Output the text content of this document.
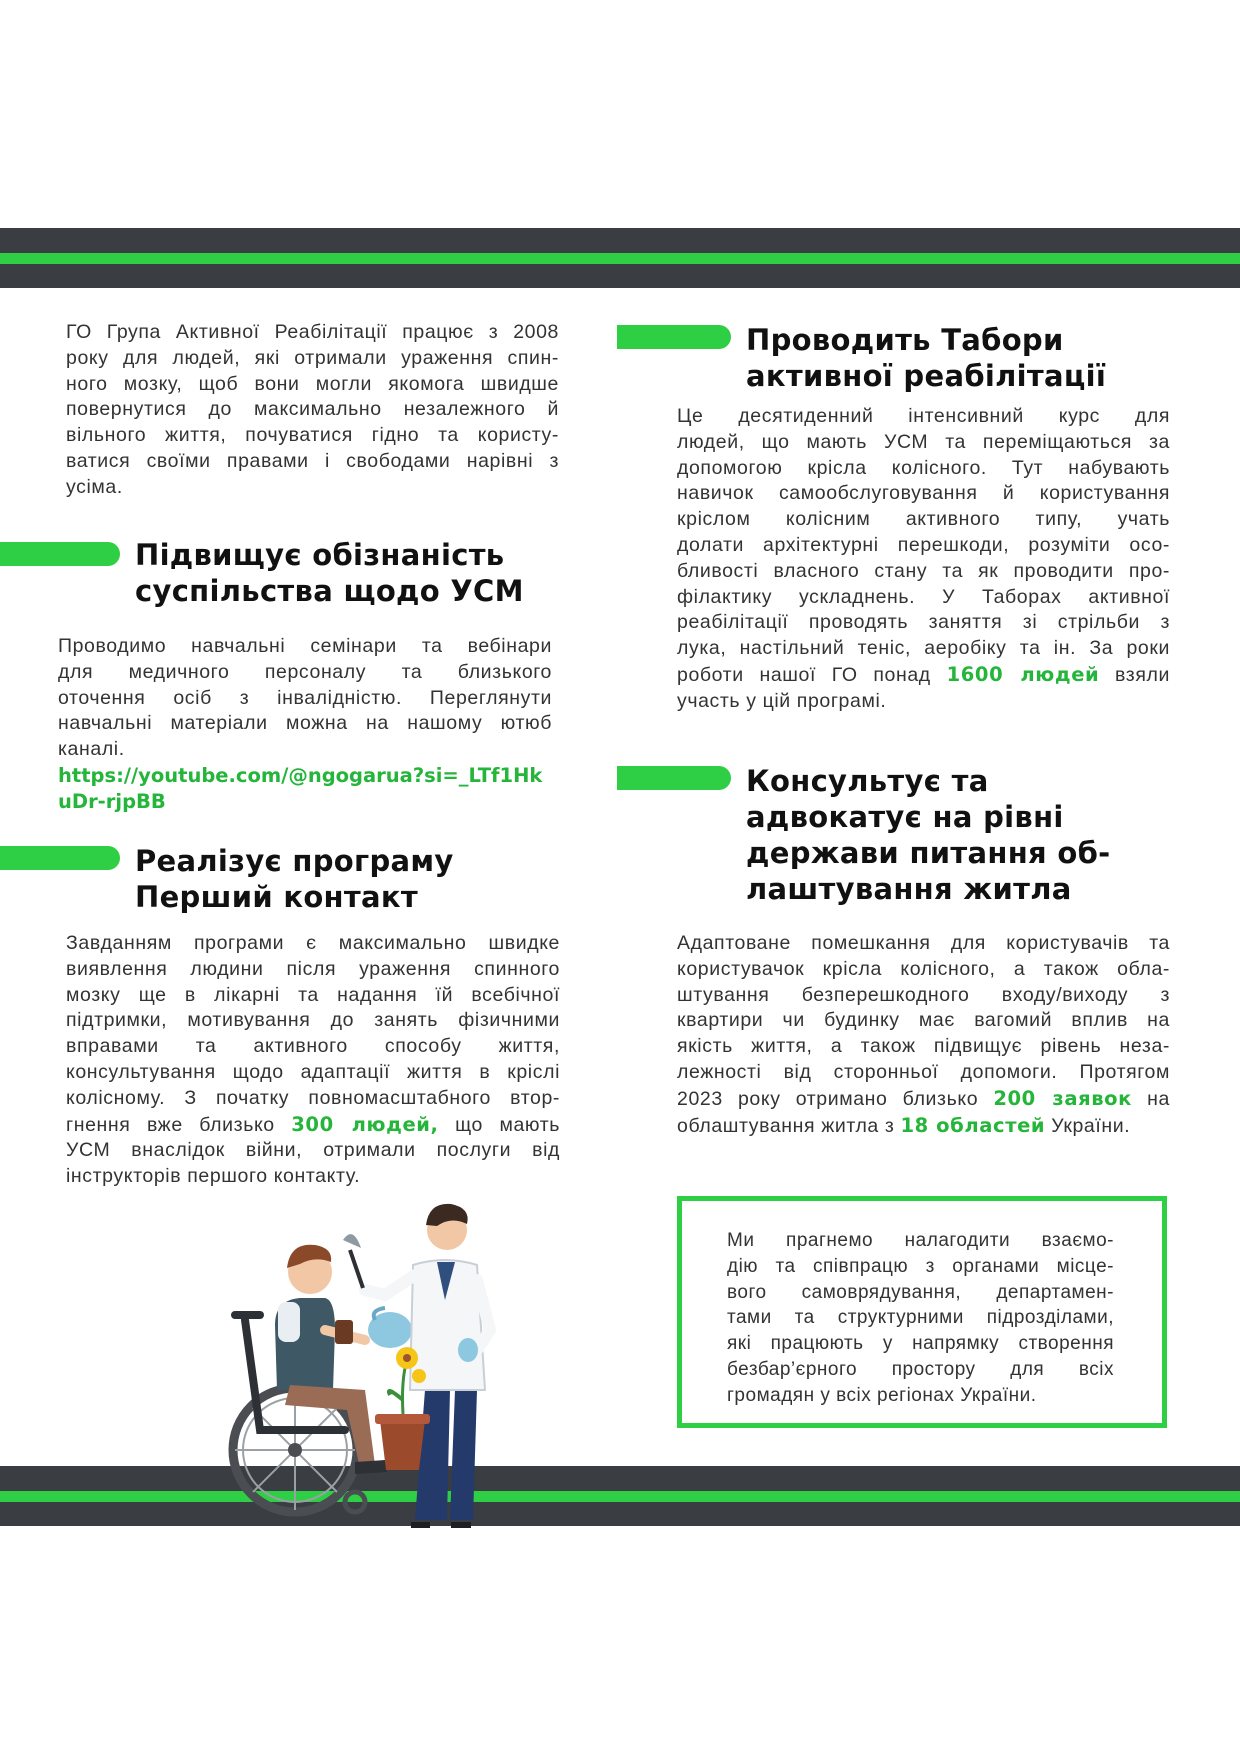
ГО Група Активної Реабілітації працює з 2008
року для людей, які отримали ураження спин-
ного мозку, щоб вони могли якомога швидше
повернутися до максимально незалежного й
вільного життя, почуватися гідно та користу-
ватися своїми правами і свободами нарівні з
усіма.
Підвищує обізнаність
суспільства щодо УСМ
Проводимо навчальні семінари та вебінари
для медичного персоналу та близького
оточення осіб з інвалідністю. Переглянути
навчальні матеріали можна на нашому ютюб
каналі.
https://youtube.com/@ngogarua?si=_LTf1Hk
uDr-rjpBB
Реалізує програму
Перший контакт
Завданням програми є максимально швидке
виявлення людини після ураження спинного
мозку ще в лікарні та надання їй всебічної
підтримки, мотивування до занять фізичними
вправами та активного способу життя,
консультування щодо адаптації життя в кріслі
колісному. З початку повномасштабного втор-
гнення вже близько 300 людей, що мають
УСМ внаслідок війни, отримали послуги від
інструкторів першого контакту.
Проводить Табори
активної реабілітації
Це десятиденний інтенсивний курс для
людей, що мають УСМ та переміщаються за
допомогою крісла колісного. Тут набувають
навичок самообслуговування й користування
кріслом колісним активного типу, учать
долати архітектурні перешкоди, розуміти осо-
бливості власного стану та як проводити про-
філактику ускладнень. У Таборах активної
реабілітації проводять заняття зі стрільби з
лука, настільний теніс, аеробіку та ін. За роки
роботи нашої ГО понад 1600 людей взяли
участь у цій програмі.
Консультує та
адвокатує на рівні
держави питання об-
лаштування житла
Адаптоване помешкання для користувачів та
користувачок крісла колісного, а також обла-
штування безперешкодного входу/виходу з
квартири чи будинку має вагомий вплив на
якість життя, а також підвищує рівень неза-
лежності від сторонньої допомоги. Протягом
2023 року отримано близько 200 заявок на
облаштування житла з 18 областей України.
Ми прагнемо налагодити взаємо-
дію та співпрацю з органами місце-
вого самоврядування, департамен-
тами та структурними підрозділами,
які працюють у напрямку створення
безбар’єрного простору для всіх
громадян у всіх регіонах України.
